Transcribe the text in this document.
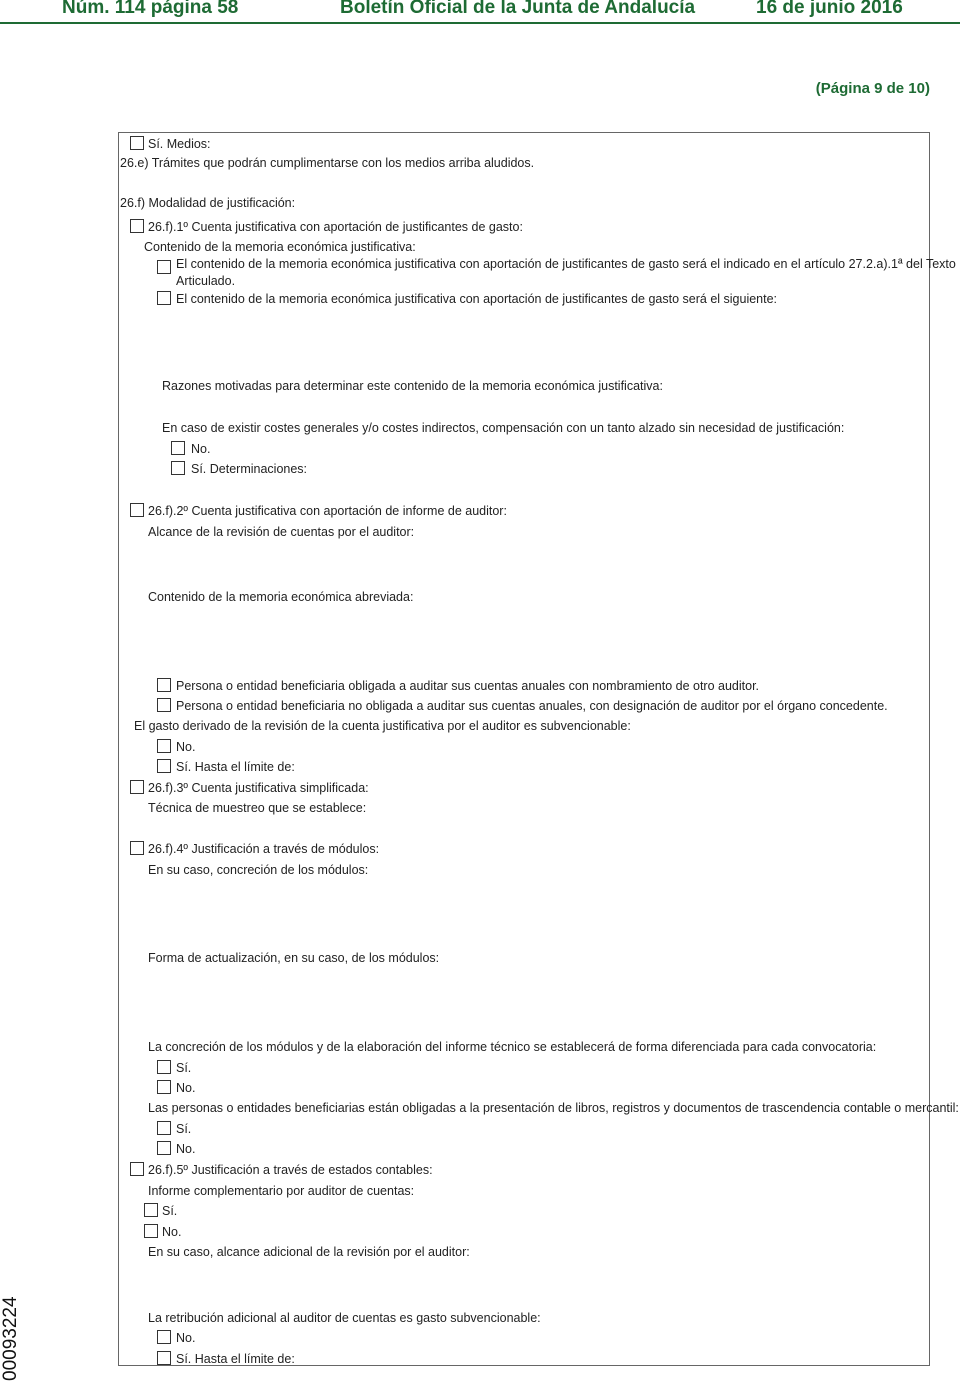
Núm. 114 página 58	Boletín Oficial de la Junta de Andalucía	16 de junio 2016
(Página 9 de 10)
Sí. Medios:
26.e) Trámites que podrán cumplimentarse con los medios arriba aludidos.
26.f) Modalidad de justificación:
26.f).1º Cuenta justificativa con aportación de justificantes de gasto:
Contenido de la memoria económica justificativa:
El contenido de la memoria económica justificativa con aportación de justificantes de gasto será el indicado en el artículo 27.2.a).1ª del Texto
Articulado.
El contenido de la memoria económica justificativa con aportación de justificantes de gasto será el siguiente:
Razones motivadas para determinar este contenido de la memoria económica justificativa:
En caso de existir costes generales y/o costes indirectos, compensación con un tanto alzado sin necesidad de justificación:
No.
Sí. Determinaciones:
26.f).2º Cuenta justificativa con aportación de informe de auditor:
Alcance de la revisión de cuentas por el auditor:
Contenido de la memoria económica abreviada:
Persona o entidad beneficiaria obligada a auditar sus cuentas anuales con nombramiento de otro auditor.
Persona o entidad beneficiaria no obligada a auditar sus cuentas anuales, con designación de auditor por el órgano concedente.
El gasto derivado de la revisión de la cuenta justificativa por el auditor es subvencionable:
No.
Sí. Hasta el límite de:
26.f).3º Cuenta justificativa simplificada:
Técnica de muestreo que se establece:
26.f).4º Justificación a través de módulos:
En su caso, concreción de los módulos:
Forma de actualización, en su caso, de los módulos:
La concreción de los módulos y de la elaboración del informe técnico se establecerá de forma diferenciada para cada convocatoria:
Sí.
No.
Las personas o entidades beneficiarias están obligadas a la presentación de libros, registros y documentos de trascendencia contable o mercantil:
Sí.
No.
26.f).5º Justificación a través de estados contables:
Informe complementario por auditor de cuentas:
Sí.
No.
En su caso, alcance adicional de la revisión por el auditor:
La retribución adicional al auditor de cuentas es gasto subvencionable:
No.
Sí. Hasta el límite de:
00093224
